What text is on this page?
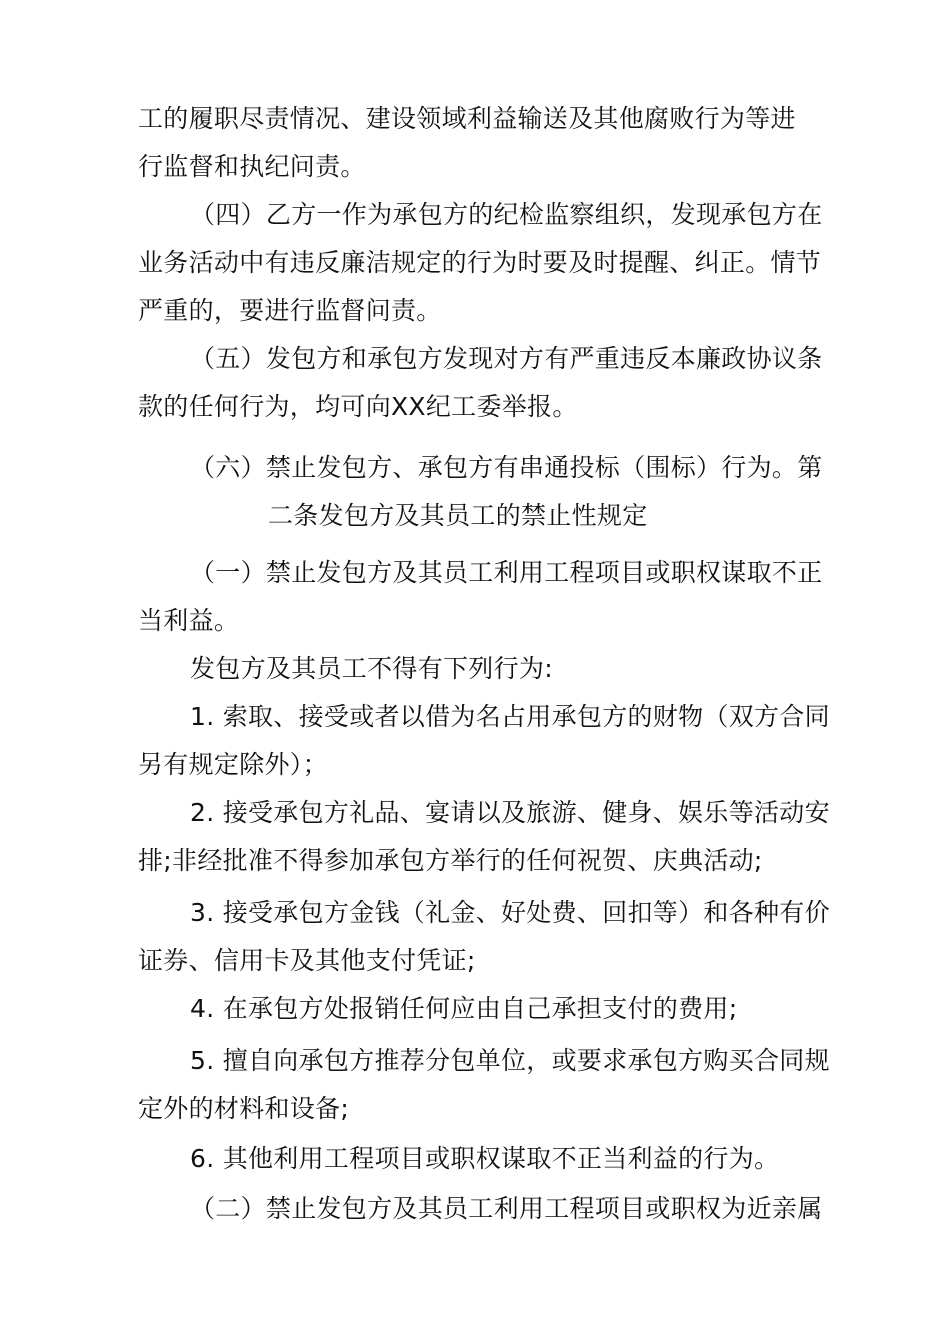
工的履职尽责情况、建设领域利益输送及其他腐败行为等进
行监督和执纪问责。
（四）乙方一作为承包方的纪检监察组织，发现承包方在
业务活动中有违反廉洁规定的行为时要及时提醒、纠正。情节
严重的，要进行监督问责。
（五）发包方和承包方发现对方有严重违反本廉政协议条
款的任何行为，均可向XX纪工委举报。
（六）禁止发包方、承包方有串通投标（围标）行为。第
二条发包方及其员工的禁止性规定
（一）禁止发包方及其员工利用工程项目或职权谋取不正
当利益。
发包方及其员工不得有下列行为:
1. 索取、接受或者以借为名占用承包方的财物（双方合同
另有规定除外）；
2. 接受承包方礼品、宴请以及旅游、健身、娱乐等活动安
排;非经批准不得参加承包方举行的任何祝贺、庆典活动;
3. 接受承包方金钱（礼金、好处费、回扣等）和各种有价
证券、信用卡及其他支付凭证;
4. 在承包方处报销任何应由自己承担支付的费用;
5. 擅自向承包方推荐分包单位，或要求承包方购买合同规
定外的材料和设备;
6. 其他利用工程项目或职权谋取不正当利益的行为。
（二）禁止发包方及其员工利用工程项目或职权为近亲属
